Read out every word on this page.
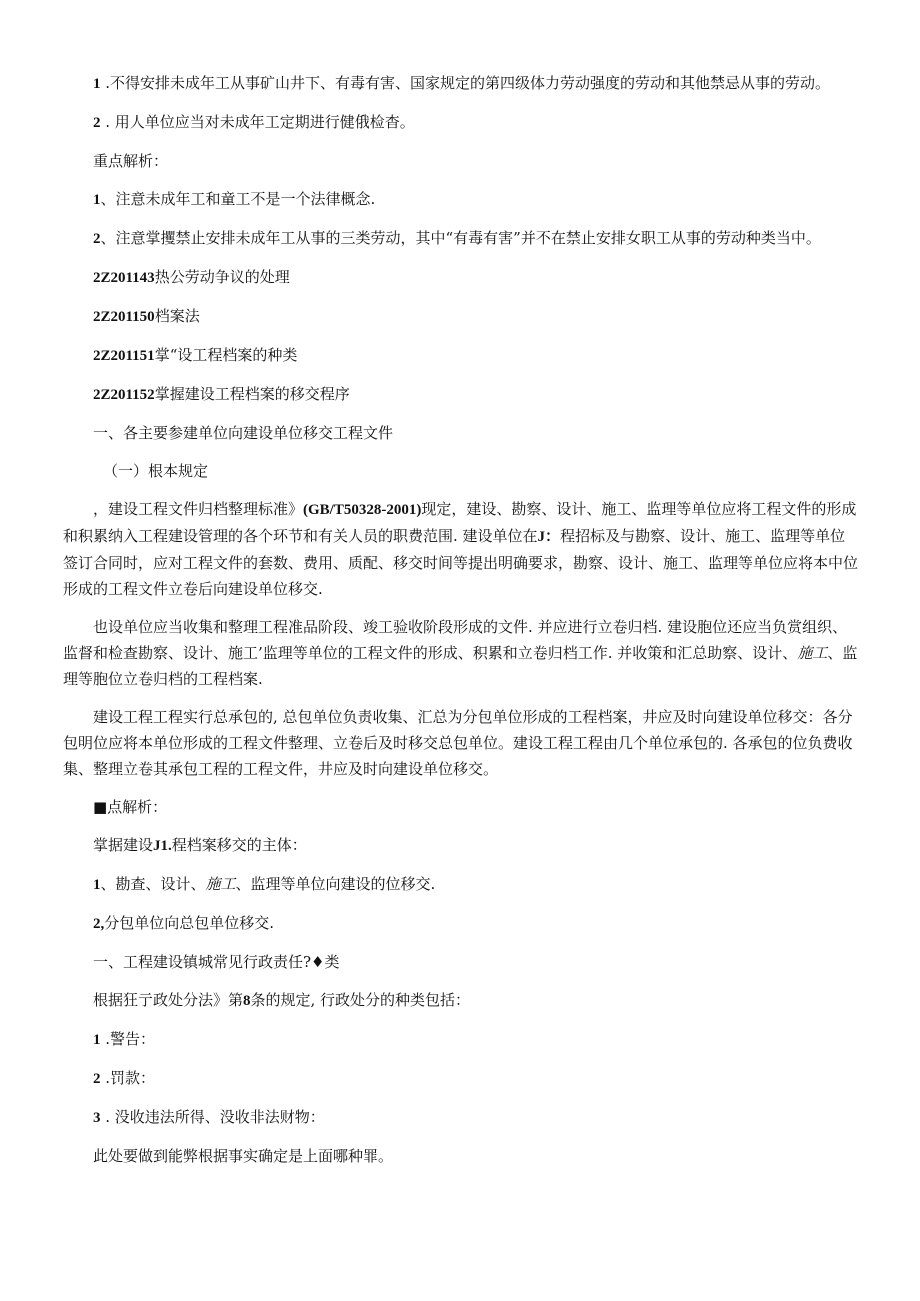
1 .不得安排未成年工从事矿山井下、有毒有害、国家规定的第四级体力劳动强度的劳动和其他禁忌从事的劳动。

2 . 用人单位应当对未成年工定期进行健俄检杳。

重点解析：

1、注意未成年工和童工不是一个法律概念.

2、注意掌攫禁止安排未成年工从事的三类劳动，其中“有毒有害”并不在禁止安排女职工从事的劳动种类当中。

2Z201143热公劳动争议的处理

2Z201150档案法

2Z201151掌“设工程档案的种类

2Z201152掌握建设工程档案的移交程序

一、各主要参建单位向建设单位移交工程文件

（一）根本规定

，建设工程文件归档整理标准》(GB/T50328-2001)现定，建设、勘察、设计、施工、监理等单位应将工程文件的形成和积累纳入工程建设管理的各个环节和有关人员的职费范围. 建设单位在J：程招标及与勘察、设计、施工、监理等单位签订合同时，应对工程文件的套数、费用、质配、移交时间等提出明确要求，勘察、设计、施工、监理等单位应将本中位形成的工程文件立卷后向建设单位移交.

也设单位应当收集和整理工程准品阶段、竣工验收阶段形成的文件. 并应进行立卷归档. 建设胞位还应当负赏组织、监督和检查勘察、设计、施工’监理等单位的工程文件的形成、积累和立卷归档工作. 并收策和汇总助察、设计、施工、监理等胞位立卷归档的工程档案.

建设工程工程实行总承包的, 总包单位负责收集、汇总为分包单位形成的工程档案，井应及时向建设单位移交：各分包明位应将本单位形成的工程文件整理、立卷后及时移交总包单位。建设工程工程由几个单位承包的. 各承包的位负费收集、整理立卷其承包工程的工程文件，井应及时向建设单位移交。

■点解析：

掌据建设J1.程档案移交的主体：

1、勘查、设计、施工、监理等单位向建设的位移交.

2,分包单位向总包单位移交.

一、工程建设镇城常见行政责任?♦类

根据狂亍政处分法》第8条的规定, 行政处分的种类包括：

1 .警告：

2 .罚款：

3 . 没收违法所得、没收非法财物：

此处要做到能弊根据事实确定是上面哪种罪。
